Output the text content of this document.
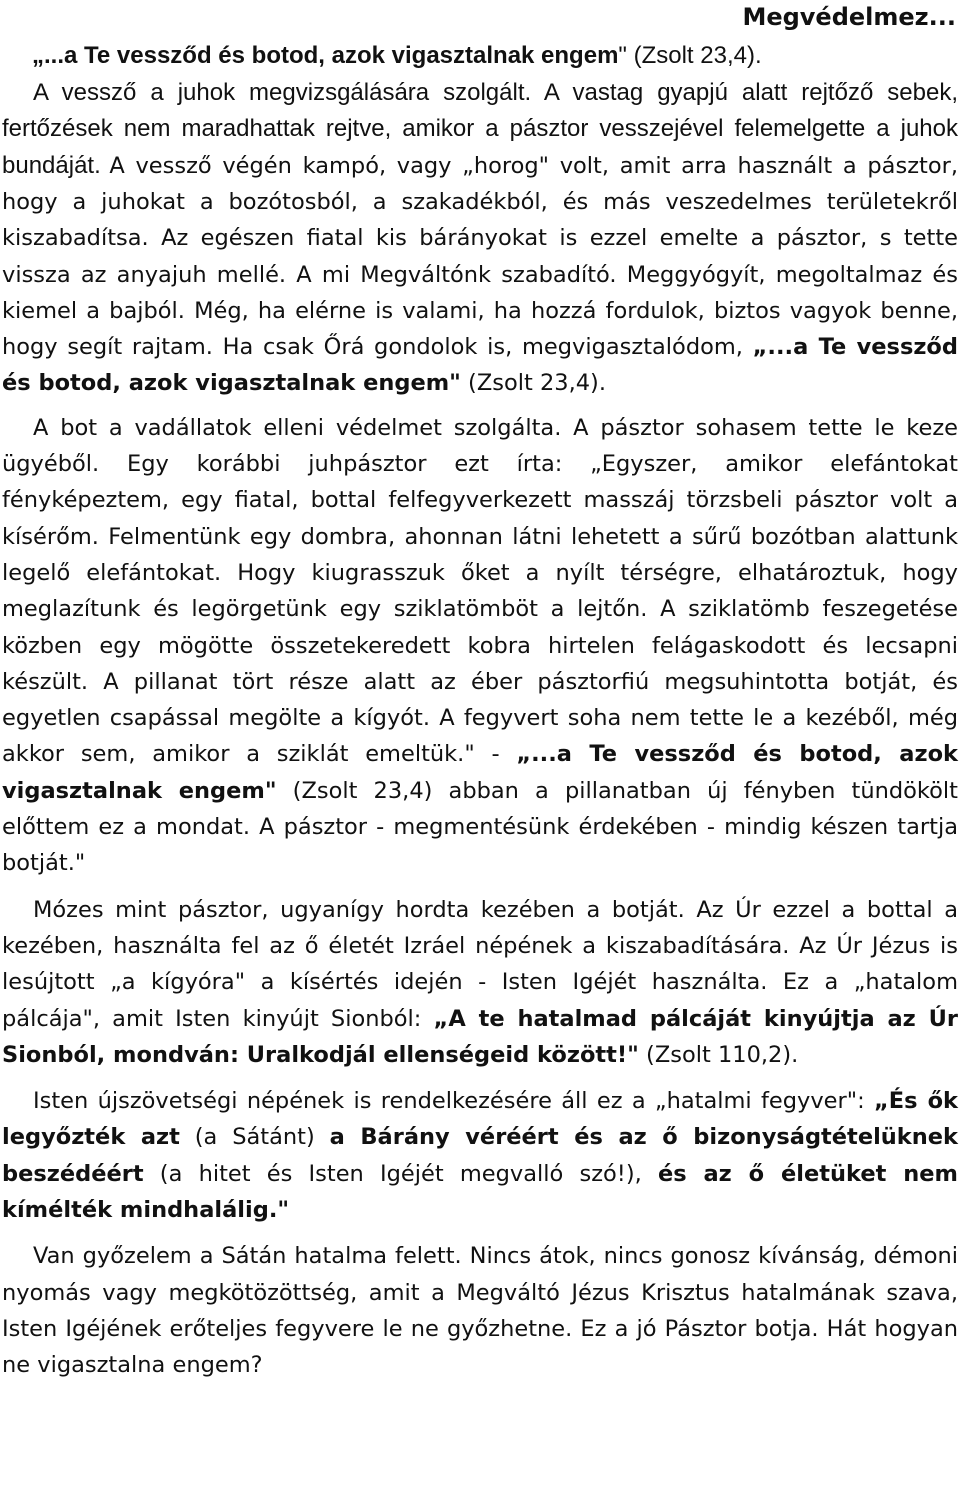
Megvédelmez...

„...a Te vessződ és botod, azok vigasztalnak engem" (Zsolt 23,4).

A vessző a juhok megvizsgálására szolgált. A vastag gyapjú alatt rejtőző sebek, fertőzések nem maradhattak rejtve, amikor a pásztor vesszejével felemelgette a juhok bundáját. A vessző végén kampó, vagy „horog" volt, amit arra használt a pásztor, hogy a juhokat a bozótosból, a szakadékból, és más veszedelmes területekről kiszabadítsa. Az egészen fiatal kis bárányokat is ezzel emelte a pásztor, s tette vissza az anyajuh mellé. A mi Megváltónk szabadító. Meggyógyít, megoltalmaz és kiemel a bajból. Még, ha elérne is valami, ha hozzá fordulok, biztos vagyok benne, hogy segít rajtam. Ha csak Őrá gondolok is, megvigasztalódom, „...a Te vessződ és botod, azok vigasztalnak engem" (Zsolt 23,4).

A bot a vadállatok elleni védelmet szolgálta. A pásztor sohasem tette le keze ügyéből. Egy korábbi juhpásztor ezt írta: „Egyszer, amikor elefántokat fényképeztem, egy fiatal, bottal felfegyverkezett masszáj törzsbeli pásztor volt a kísérőm. Felmentünk egy dombra, ahonnan látni lehetett a sűrű bozótban alattunk legelő elefántokat. Hogy kiugrasszuk őket a nyílt térségre, elhatároztuk, hogy meglazítunk és legörgetünk egy sziklatömböt a lejtőn. A sziklatömb feszegetése közben egy mögötte összetekeredett kobra hirtelen felágaskodott és lecsapni készült. A pillanat tört része alatt az éber pásztorfiú megsuhintotta botját, és egyetlen csapással megölte a kígyót. A fegyvert soha nem tette le a kezéből, még akkor sem, amikor a sziklát emeltük." - „...a Te vessződ és botod, azok vigasztalnak engem" (Zsolt 23,4) abban a pillanatban új fényben tündökölt előttem ez a mondat. A pásztor - megmentésünk érdekében - mindig készen tartja botját."

Mózes mint pásztor, ugyanígy hordta kezében a botját. Az Úr ezzel a bottal a kezében, használta fel az ő életét Izráel népének a kiszabadítására. Az Úr Jézus is lesújtott „a kígyóra" a kísértés idején - Isten Igéjét használta. Ez a „hatalom pálcája", amit Isten kinyújt Sionból: „A te hatalmad pálcáját kinyújtja az Úr Sionból, mondván: Uralkodjál ellenségeid között!" (Zsolt 110,2).

Isten újszövetségi népének is rendelkezésére áll ez a „hatalmi fegyver": „És ők legyőzték azt (a Sátánt) a Bárány véréért és az ő bizonyságtételüknek beszédéért (a hitet és Isten Igéjét megvalló szó!), és az ő életüket nem kímélték mindhalálig."

Van győzelem a Sátán hatalma felett. Nincs átok, nincs gonosz kívánság, démoni nyomás vagy megkötözöttség, amit a Megváltó Jézus Krisztus hatalmának szava, Isten Igéjének erőteljes fegyvere le ne győzhetne. Ez a jó Pásztor botja. Hát hogyan ne vigasztalna engem?
